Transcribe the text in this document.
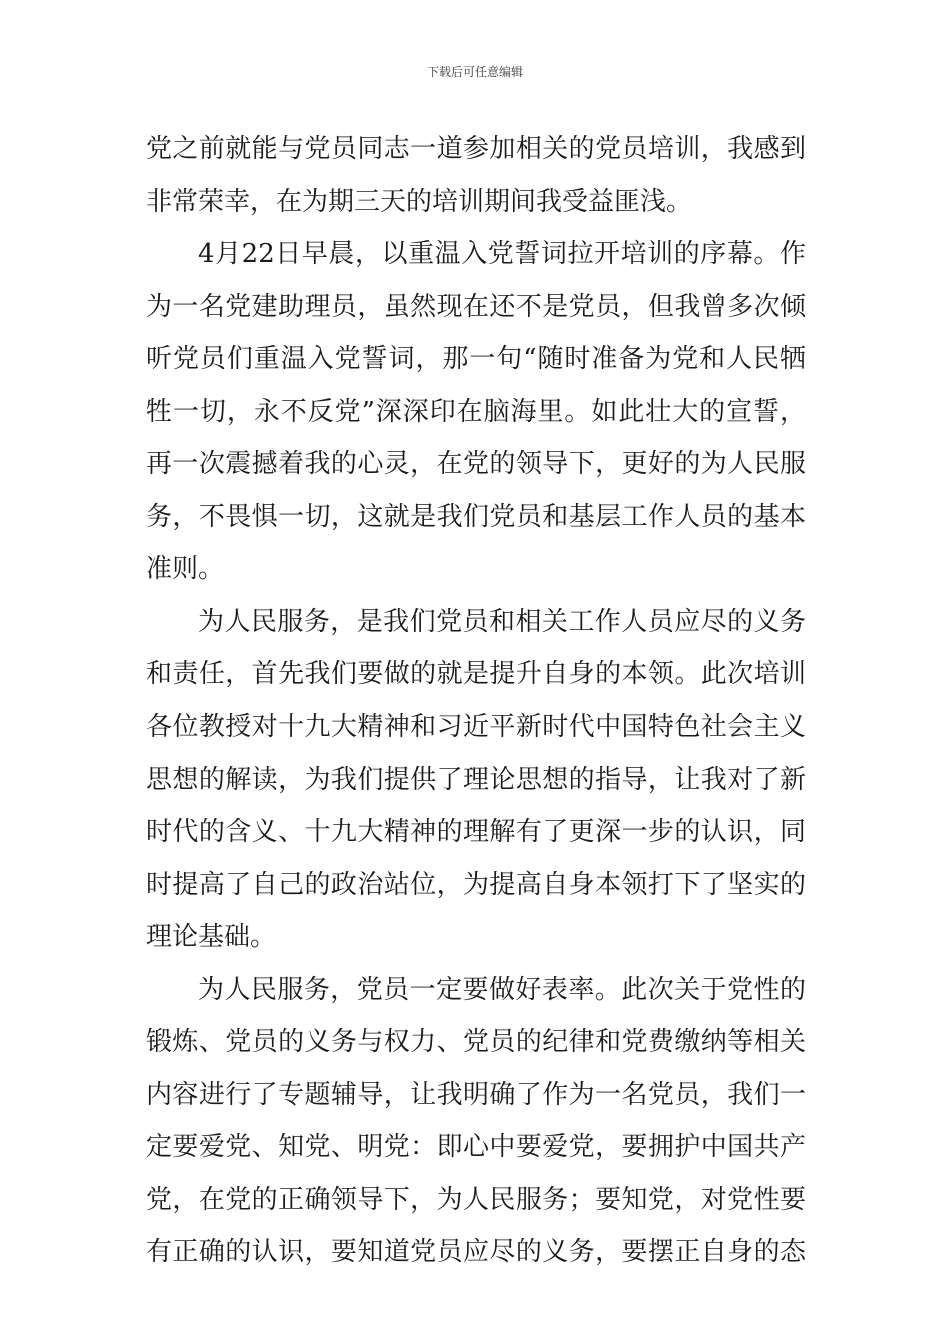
下载后可任意编辑
党之前就能与党员同志一道参加相关的党员培训，我感到
非常荣幸，在为期三天的培训期间我受益匪浅。
4月22日早晨，以重温入党誓词拉开培训的序幕。作
为一名党建助理员，虽然现在还不是党员，但我曾多次倾
听党员们重温入党誓词，那一句“随时准备为党和人民牺
牲一切，永不反党”深深印在脑海里。如此壮大的宣誓，
再一次震撼着我的心灵，在党的领导下，更好的为人民服
务，不畏惧一切，这就是我们党员和基层工作人员的基本
准则。
为人民服务，是我们党员和相关工作人员应尽的义务
和责任，首先我们要做的就是提升自身的本领。此次培训
各位教授对十九大精神和习近平新时代中国特色社会主义
思想的解读，为我们提供了理论思想的指导，让我对了新
时代的含义、十九大精神的理解有了更深一步的认识，同
时提高了自己的政治站位，为提高自身本领打下了坚实的
理论基础。
为人民服务，党员一定要做好表率。此次关于党性的
锻炼、党员的义务与权力、党员的纪律和党费缴纳等相关
内容进行了专题辅导，让我明确了作为一名党员，我们一
定要爱党、知党、明党：即心中要爱党，要拥护中国共产
党，在党的正确领导下，为人民服务；要知党，对党性要
有正确的认识，要知道党员应尽的义务，要摆正自身的态
